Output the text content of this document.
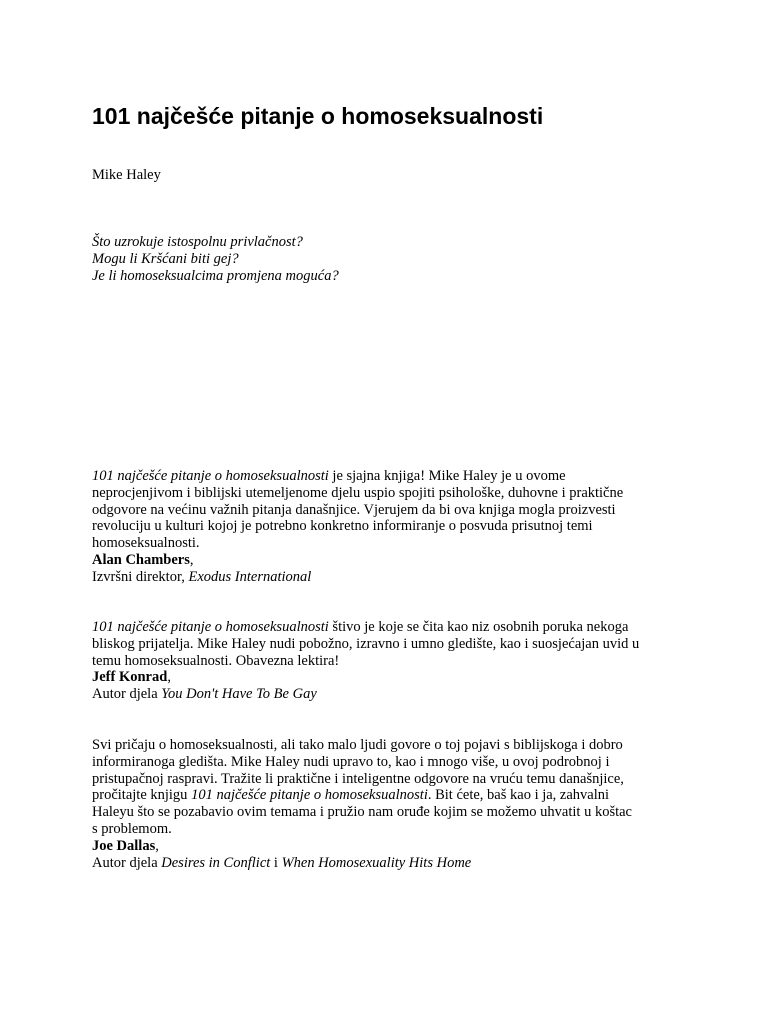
101 najčešće pitanje o homoseksualnosti
Mike Haley
Što uzrokuje istospolnu privlačnost?
Mogu li Kršćani biti gej?
Je li homoseksualcima promjena moguća?
101 najčešće pitanje o homoseksualnosti je sjajna knjiga! Mike Haley je u ovome
neprocjenjivom i biblijski utemeljenome djelu uspio spojiti psihološke, duhovne i praktične
odgovore na većinu važnih pitanja današnjice. Vjerujem da bi ova knjiga mogla proizvesti
revoluciju u kulturi kojoj je potrebno konkretno informiranje o posvuda prisutnoj temi
homoseksualnosti.
Alan Chambers,
Izvršni direktor, Exodus International
101 najčešće pitanje o homoseksualnosti štivo je koje se čita kao niz osobnih poruka nekoga
bliskog prijatelja. Mike Haley nudi pobožno, izravno i umno gledište, kao i suosjećajan uvid u
temu homoseksualnosti. Obavezna lektira!
Jeff Konrad,
Autor djela You Don't Have To Be Gay
Svi pričaju o homoseksualnosti, ali tako malo ljudi govore o toj pojavi s biblijskoga i dobro
informiranoga gledišta. Mike Haley nudi upravo to, kao i mnogo više, u ovoj podrobnoj i
pristupačnoj raspravi. Tražite li praktične i inteligentne odgovore na vruću temu današnjice,
pročitajte knjigu 101 najčešće pitanje o homoseksualnosti. Bit ćete, baš kao i ja, zahvalni
Haleyu što se pozabavio ovim temama i pružio nam oruđe kojim se možemo uhvatit u koštac
s problemom.
Joe Dallas,
Autor djela Desires in Conflict i When Homosexuality Hits Home
